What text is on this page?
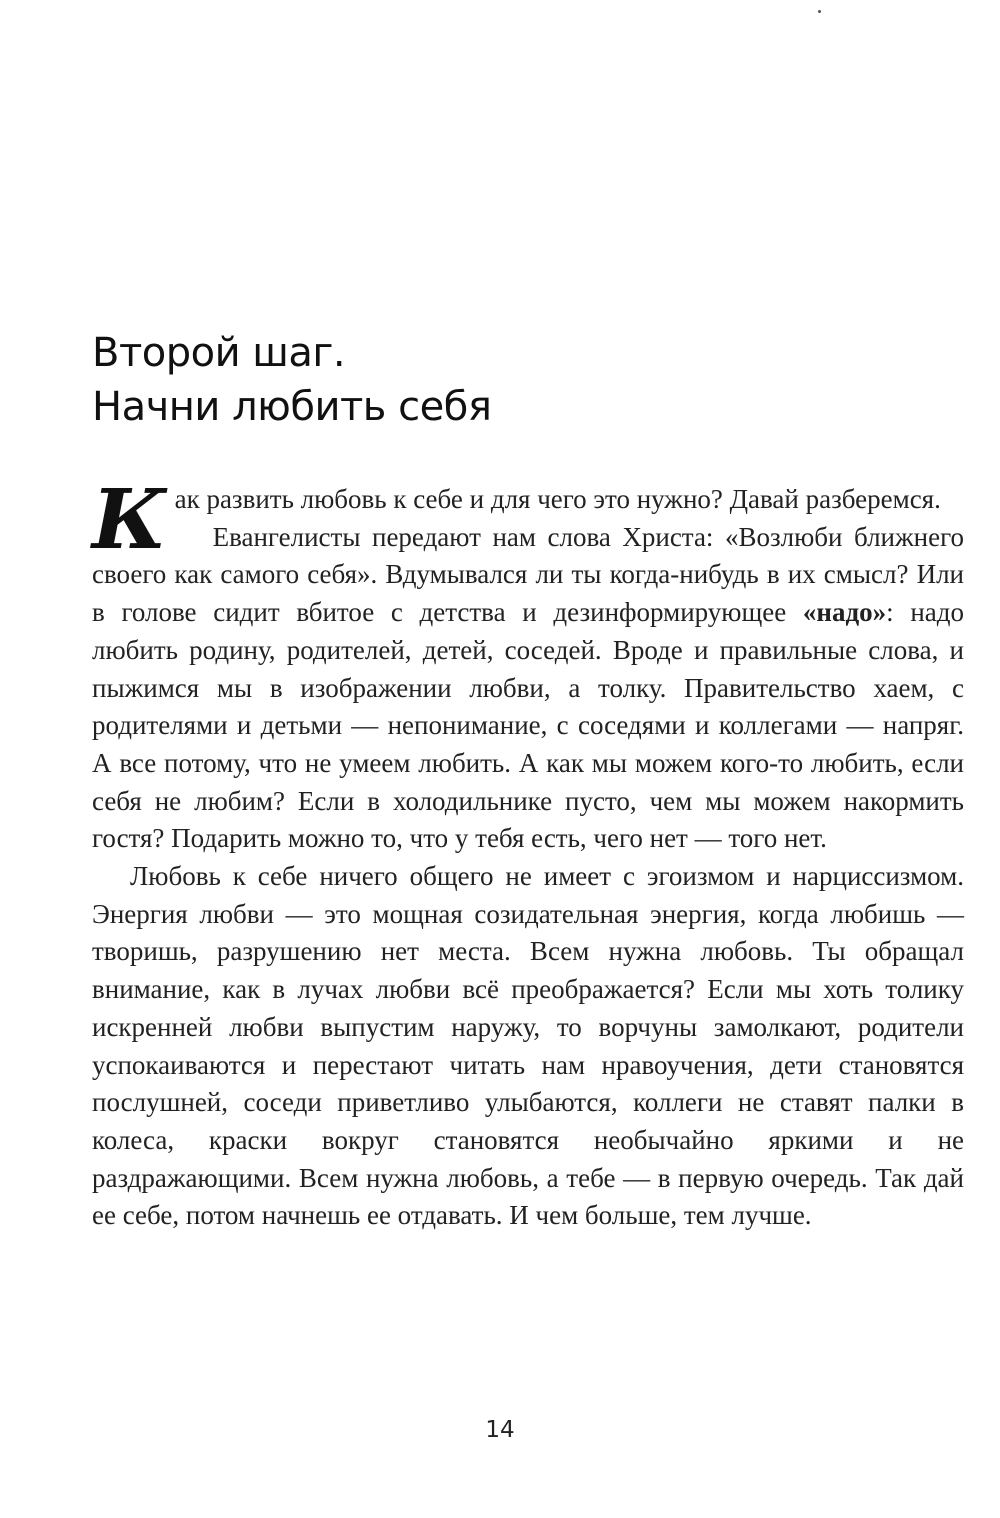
Второй шаг.
Начни любить себя

Как развить любовь к себе и для чего это нужно? Давай разберемся.

Евангелисты передают нам слова Христа: «Возлюби ближнего своего как самого себя». Вдумывался ли ты когда-нибудь в их смысл? Или в голове сидит вбитое с детства и дезинформирующее «надо»: надо любить родину, родителей, детей, соседей. Вроде и правильные слова, и пыжимся мы в изображении любви, а толку. Правительство хаем, с родителями и детьми — непонимание, с соседями и коллегами — напряг. А все потому, что не умеем любить. А как мы можем кого-то любить, если себя не любим? Если в холодильнике пусто, чем мы можем накормить гостя? Подарить можно то, что у тебя есть, чего нет — того нет.

Любовь к себе ничего общего не имеет с эгоизмом и нарциссизмом. Энергия любви — это мощная созидательная энергия, когда любишь — творишь, разрушению нет места. Всем нужна любовь. Ты обращал внимание, как в лучах любви всё преображается? Если мы хоть толику искренней любви выпустим наружу, то ворчуны замолкают, родители успокаиваются и перестают читать нам нравоучения, дети становятся послушней, соседи приветливо улыбаются, коллеги не ставят палки в колеса, краски вокруг становятся необычайно яркими и не раздражающими. Всем нужна любовь, а тебе — в первую очередь. Так дай ее себе, потом начнешь ее отдавать. И чем больше, тем лучше.

14
